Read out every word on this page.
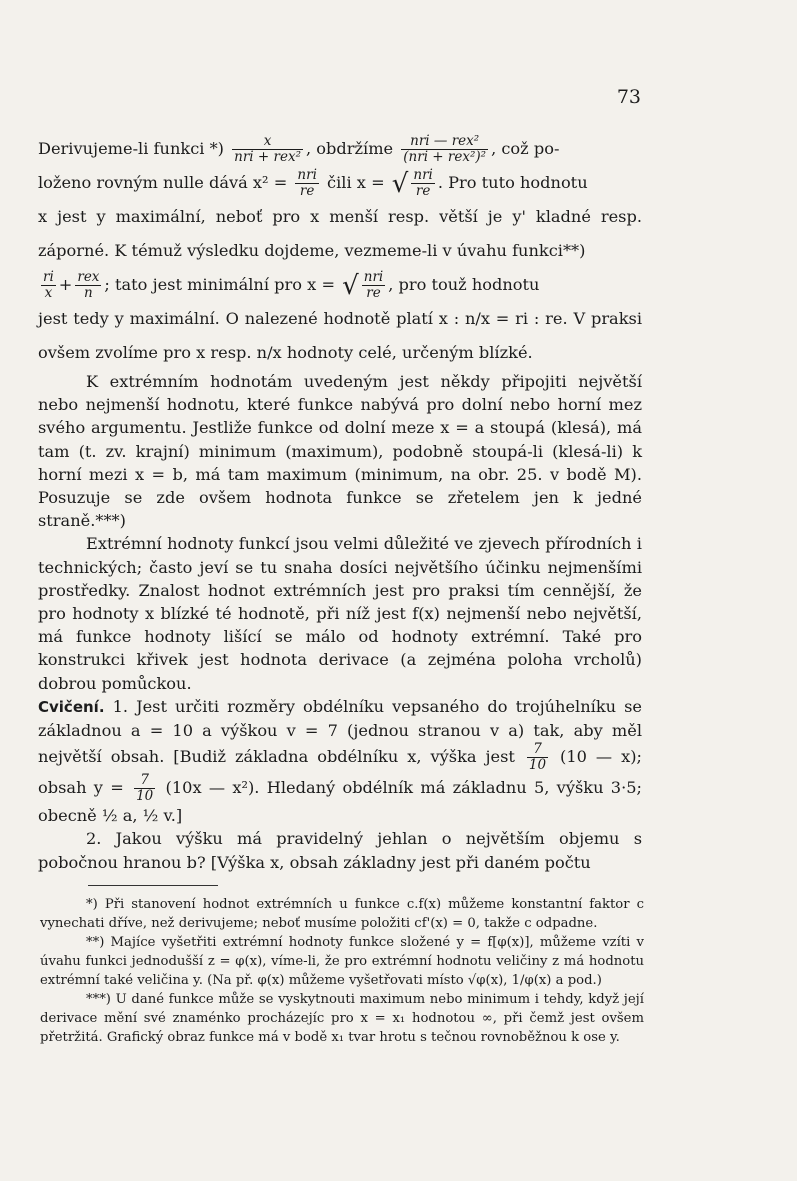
73

Derivujeme-li funkci *) $\frac{x}{\text{nri + rex²}}$ , obdržíme $\frac{\text{nri — rex²}}{\text{(nri + rex²)²}}$ , což po-
loženo rovným nulle dává $x^2 = \frac{\text{nri}}{re}$ čili x = √ $\frac{\text{nri}}{re}$ . Pro tuto hodnotu
x jest y maximální, neboť pro x menší resp. větší je y' kladné resp. záporné. K témuž výsledku dojdeme, vezmeme-li v úvahu funkci**)

$\frac{ri}{x} + \frac{\text{rex}}{n}$ ; tato jest minimální pro x = √ $\frac{\text{nri}}{re}$ , pro touž hodnotu
jest tedy y maximální. O nalezené hodnotě platí x : n/x = ri : re. V praksi ovšem zvolíme pro x resp. n/x hodnoty celé, určeným blízké.

K extrémním hodnotám uvedeným jest někdy připojiti největší nebo nejmenší hodnotu, které funkce nabývá pro dolní nebo horní mez svého argumentu. Jestliže funkce od dolní meze x = a stoupá (klesá), má tam (t. zv. krajní) minimum (maximum), podobně stoupá-li (klesá-li) k horní mezi x = b, má tam maximum (minimum, na obr. 25. v bodě M). Posuzuje se zde ovšem hodnota funkce se zřetelem jen k jedné straně.***)

Extrémní hodnoty funkcí jsou velmi důležité ve zjevech přírodních i technických; často jeví se tu snaha dosíci největšího účinku nejmenšími prostředky. Znalost hodnot extrémních jest pro praksi tím cennější, že pro hodnoty x blízké té hodnotě, při níž jest f(x) nejmenší nebo největší, má funkce hodnoty lišící se málo od hodnoty extrémní. Také pro konstrukci křivek jest hodnota derivace (a zejména poloha vrcholů) dobrou pomůckou.

Cvičení. 1. Jest určiti rozměry obdélníku vepsaného do trojúhelníku se základnou a = 10 a výškou v = 7 (jednou stranou v a) tak, aby měl největší obsah. [Budiž základna obdélníku x, výška jest $\frac{7}{10} (10$ — x); obsah $y = \frac{7}{10} (10x$ — x²). Hledaný obdélník má základnu 5, výšku 3·5; obecně ½ a, ½ v.]

2. Jakou výšku má pravidelný jehlan o největším objemu s pobočnou hranou b? [Výška x, obsah základny jest při daném počtu

*) Při stanovení hodnot extrémních u funkce c.f(x) můžeme konstantní faktor c vynechati dříve, než derivujeme; neboť musíme položiti cf'(x) = 0, takže c odpadne.

**) Majíce vyšetřiti extrémní hodnoty funkce složené y = f[φ(x)], můžeme vzíti v úvahu funkci jednodušší z = φ(x), víme-li, že pro extrémní hodnotu veličiny z má hodnotu extrémní také veličina y. (Na př. φ(x) můžeme vyšetřovati místo √φ(x), 1/φ(x) a pod.)

***) U dané funkce může se vyskytnouti maximum nebo minimum i tehdy, když její derivace mění své znaménko procházejíc pro x = x₁ hodnotou ∞, při čemž jest ovšem přetržitá. Grafický obraz funkce má v bodě x₁ tvar hrotu s tečnou rovnoběžnou k ose y.
